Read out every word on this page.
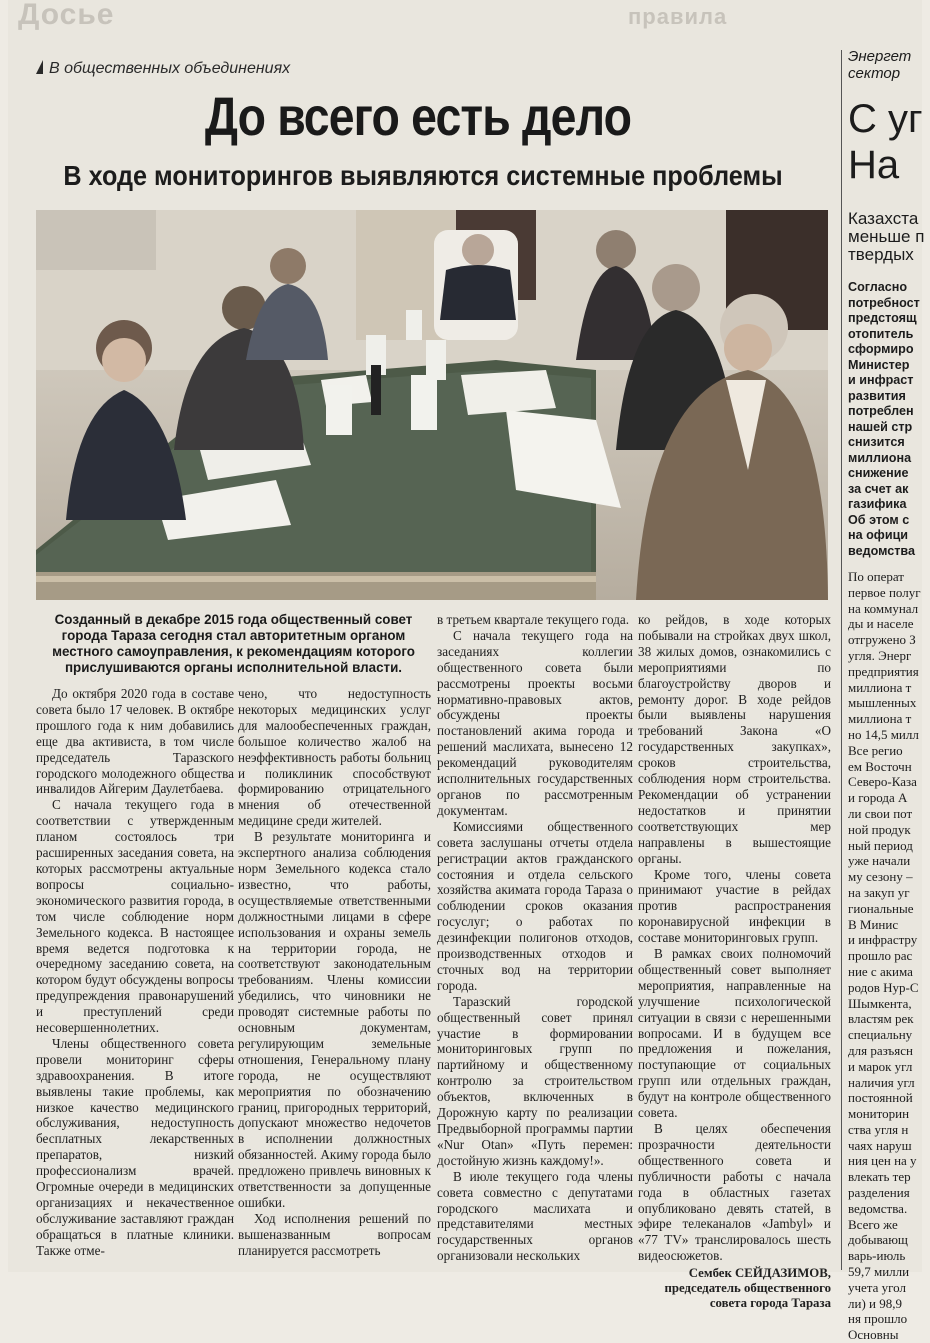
Досье	правила
В общественных объединениях
До всего есть дело
В ходе мониторингов выявляются системные проблемы
Созданный в декабре 2015 года общественный совет города Тараза сегодня стал авторитетным органом местного самоуправления, к рекомендациям которого прислушиваются органы исполнительной власти.

До октября 2020 года в составе совета было 17 человек. В октябре прошлого года к ним добавились еще два активиста, в том числе председатель Таразского городского молодежного общества инвалидов Айгерим Даулетбаева.

С начала текущего года в соответствии с утвержденным планом состоялось три расширенных заседания совета, на которых рассмотрены актуальные вопросы социально-экономического развития города, в том числе соблюдение норм Земельного кодекса. В настоящее время ведется подготовка к очередному заседанию совета, на котором будут обсуждены вопросы предупреждения правонарушений и преступлений среди несовершеннолетних.

Члены общественного совета провели мониторинг сферы здравоохранения. В итоге выявлены такие проблемы, как низкое качество медицинского обслуживания, недоступность бесплатных лекарственных препаратов, низкий профессионализм врачей. Огромные очереди в медицинских организациях и некачественное обслуживание заставляют граждан обращаться в платные клиники. Также отме-

чено, что недоступность некоторых медицинских услуг для малообеспеченных граждан, большое количество жалоб на неэффективность работы больниц и поликлиник способствуют формированию отрицательного мнения об отечественной медицине среди жителей.

В результате мониторинга и экспертного анализа соблюдения норм Земельного кодекса стало известно, что работы, осуществляемые ответственными должностными лицами в сфере использования и охраны земель на территории города, не соответствуют законодательным требованиям. Члены комиссии убедились, что чиновники не проводят системные работы по основным документам, регулирующим земельные отношения, Генеральному плану города, не осуществляют мероприятия по обозначению границ, пригородных территорий, допускают множество недочетов в исполнении должностных обязанностей. Акиму города было предложено привлечь виновных к ответственности за допущенные ошибки.

Ход исполнения решений по вышеназванным вопросам планируется рассмотреть

в третьем квартале текущего года.

С начала текущего года на заседаниях коллегии общественного совета были рассмотрены проекты восьми нормативно-правовых актов, обсуждены проекты постановлений акима города и решений маслихата, вынесено 12 рекомендаций руководителям исполнительных государственных органов по рассмотренным документам.

Комиссиями общественного совета заслушаны отчеты отдела регистрации актов гражданского состояния и отдела сельского хозяйства акимата города Тараза о соблюдении сроков оказания госуслуг; о работах по дезинфекции полигонов отходов, производственных отходов и сточных вод на территории города.

Таразский городской общественный совет принял участие в формировании мониторинговых групп по партийному и общественному контролю за строительством объектов, включенных в Дорожную карту по реализации Предвыборной программы партии «Nur Otan» «Путь перемен: достойную жизнь каждому!».

В июле текущего года члены совета совместно с депутатами городского маслихата и представителями местных государственных органов организовали нескольких

ко рейдов, в ходе которых побывали на стройках двух школ, 38 жилых домов, ознакомились с мероприятиями по благоустройству дворов и ремонту дорог. В ходе рейдов были выявлены нарушения требований Закона «О государственных закупках», сроков строительства, соблюдения норм строительства. Рекомендации об устранении недостатков и принятии соответствующих мер направлены в вышестоящие органы.

Кроме того, члены совета принимают участие в рейдах против распространения коронавирусной инфекции в составе мониторинговых групп.

В рамках своих полномочий общественный совет выполняет мероприятия, направленные на улучшение психологической ситуации в связи с нерешенными вопросами. И в будущем все предложения и пожелания, поступающие от социальных групп или отдельных граждан, будут на контроле общественного совета.

В целях обеспечения прозрачности деятельности общественного совета и публичности работы с начала года в областных газетах опубликовано девять статей, в эфире телеканалов «Jambyl» и «77 TV» транслировалось шесть видеосюжетов.

Сембек СЕЙДАЗИМОВ,
председатель общественного совета города Тараза
Энергет
сектор
С уг
На
Казахста
меньше п
твердых
Согласно
потребност
предстоящ
отопитель
сформиро
Министер
и инфраст
развития
потреблен
нашей стр
снизится
миллиона
снижение
за счет ак
газифика
Об этом с
на офици
ведомства
По операт
первое полуг
на коммунал
ды и населе
отгружено З
угля. Энерг
предприятия
миллиона т
мышленных
миллиона т
но 14,5 милл
Все регио
ем Восточн
Северо-Каза
и города А
ли свои пот
ной продук
ный период
уже начали
му сезону –
на закуп уг
гиональные
В Минис
и инфрастру
прошло рас
ние с акима
родов Нур-С
Шымкента,
властям рек
специальну
для разъясн
и марок угл
наличия угл
постоянной
мониторин
ства угля н
чаях наруш
ния цен на у
влекать тер
разделения
ведомства.
Всего же
добывающ
варь-июль
59,7 милли
учета угол
ли) и 98,9
ня прошло
Основны
